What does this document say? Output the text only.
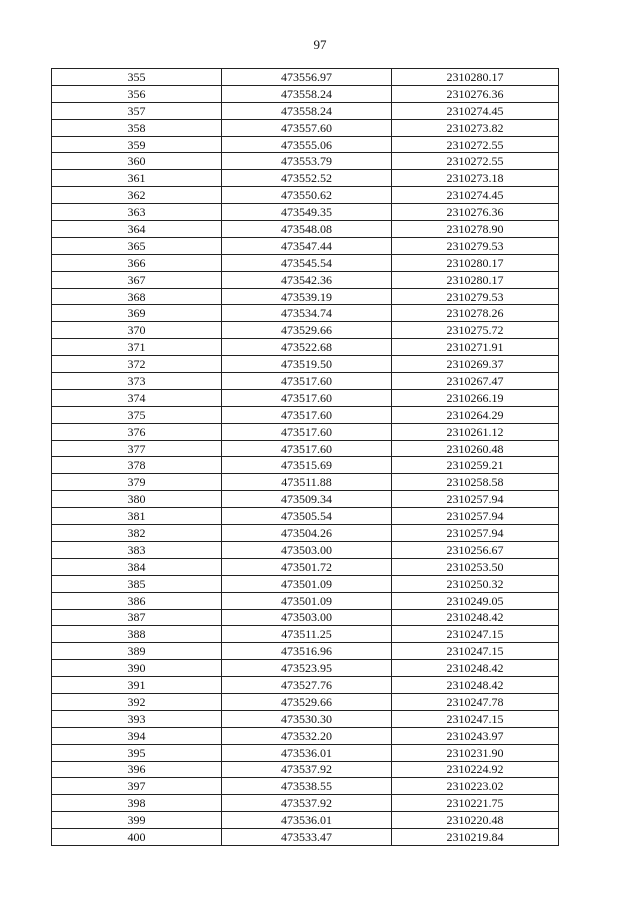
97
355	473556.97	2310280.17
356	473558.24	2310276.36
357	473558.24	2310274.45
358	473557.60	2310273.82
359	473555.06	2310272.55
360	473553.79	2310272.55
361	473552.52	2310273.18
362	473550.62	2310274.45
363	473549.35	2310276.36
364	473548.08	2310278.90
365	473547.44	2310279.53
366	473545.54	2310280.17
367	473542.36	2310280.17
368	473539.19	2310279.53
369	473534.74	2310278.26
370	473529.66	2310275.72
371	473522.68	2310271.91
372	473519.50	2310269.37
373	473517.60	2310267.47
374	473517.60	2310266.19
375	473517.60	2310264.29
376	473517.60	2310261.12
377	473517.60	2310260.48
378	473515.69	2310259.21
379	473511.88	2310258.58
380	473509.34	2310257.94
381	473505.54	2310257.94
382	473504.26	2310257.94
383	473503.00	2310256.67
384	473501.72	2310253.50
385	473501.09	2310250.32
386	473501.09	2310249.05
387	473503.00	2310248.42
388	473511.25	2310247.15
389	473516.96	2310247.15
390	473523.95	2310248.42
391	473527.76	2310248.42
392	473529.66	2310247.78
393	473530.30	2310247.15
394	473532.20	2310243.97
395	473536.01	2310231.90
396	473537.92	2310224.92
397	473538.55	2310223.02
398	473537.92	2310221.75
399	473536.01	2310220.48
400	473533.47	2310219.84
